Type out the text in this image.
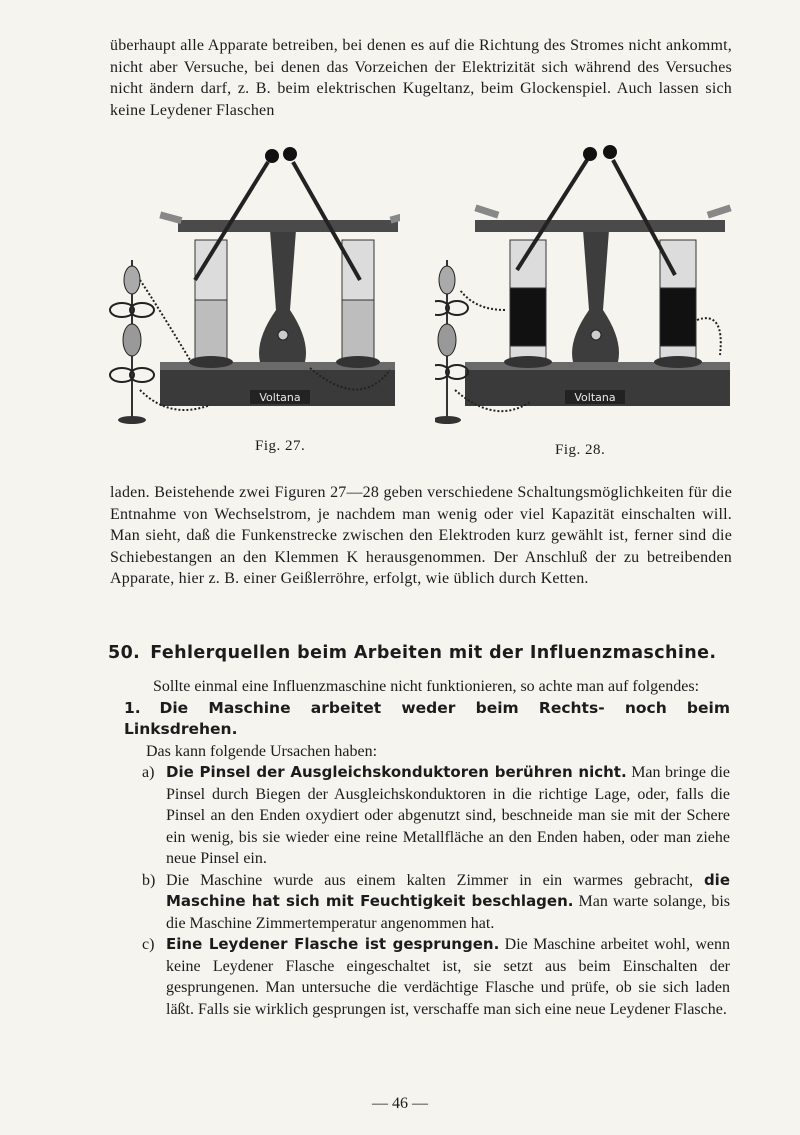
überhaupt alle Apparate betreiben, bei denen es auf die Richtung des Stromes nicht ankommt, nicht aber Versuche, bei denen das Vorzeichen der Elektrizität sich während des Versuches nicht ändern darf, z. B. beim elektrischen Kugeltanz, beim Glockenspiel. Auch lassen sich keine Leydener Flaschen

Voltana
Fig. 27.
Voltana
Fig. 28.

laden. Beistehende zwei Figuren 27—28 geben verschiedene Schaltungsmöglichkeiten für die Entnahme von Wechselstrom, je nachdem man wenig oder viel Kapazität einschalten will. Man sieht, daß die Funkenstrecke zwischen den Elektroden kurz gewählt ist, ferner sind die Schiebestangen an den Klemmen K herausgenommen. Der Anschluß der zu betreibenden Apparate, hier z. B. einer Geißlerröhre, erfolgt, wie üblich durch Ketten.

50. Fehlerquellen beim Arbeiten mit der Influenzmaschine.

Sollte einmal eine Influenzmaschine nicht funktionieren, so achte man auf folgendes:

1. Die Maschine arbeitet weder beim Rechts- noch beim Linksdrehen.

Das kann folgende Ursachen haben:

a) Die Pinsel der Ausgleichskonduktoren berühren nicht. Man bringe die Pinsel durch Biegen der Ausgleichskonduktoren in die richtige Lage, oder, falls die Pinsel an den Enden oxydiert oder abgenutzt sind, beschneide man sie mit der Schere ein wenig, bis sie wieder eine reine Metallfläche an den Enden haben, oder man ziehe neue Pinsel ein.
b) Die Maschine wurde aus einem kalten Zimmer in ein warmes gebracht, die Maschine hat sich mit Feuchtigkeit beschlagen. Man warte solange, bis die Maschine Zimmertemperatur angenommen hat.
c) Eine Leydener Flasche ist gesprungen. Die Maschine arbeitet wohl, wenn keine Leydener Flasche eingeschaltet ist, sie setzt aus beim Einschalten der gesprungenen. Man untersuche die verdächtige Flasche und prüfe, ob sie sich laden läßt. Falls sie wirklich gesprungen ist, verschaffe man sich eine neue Leydener Flasche.
— 46 —
